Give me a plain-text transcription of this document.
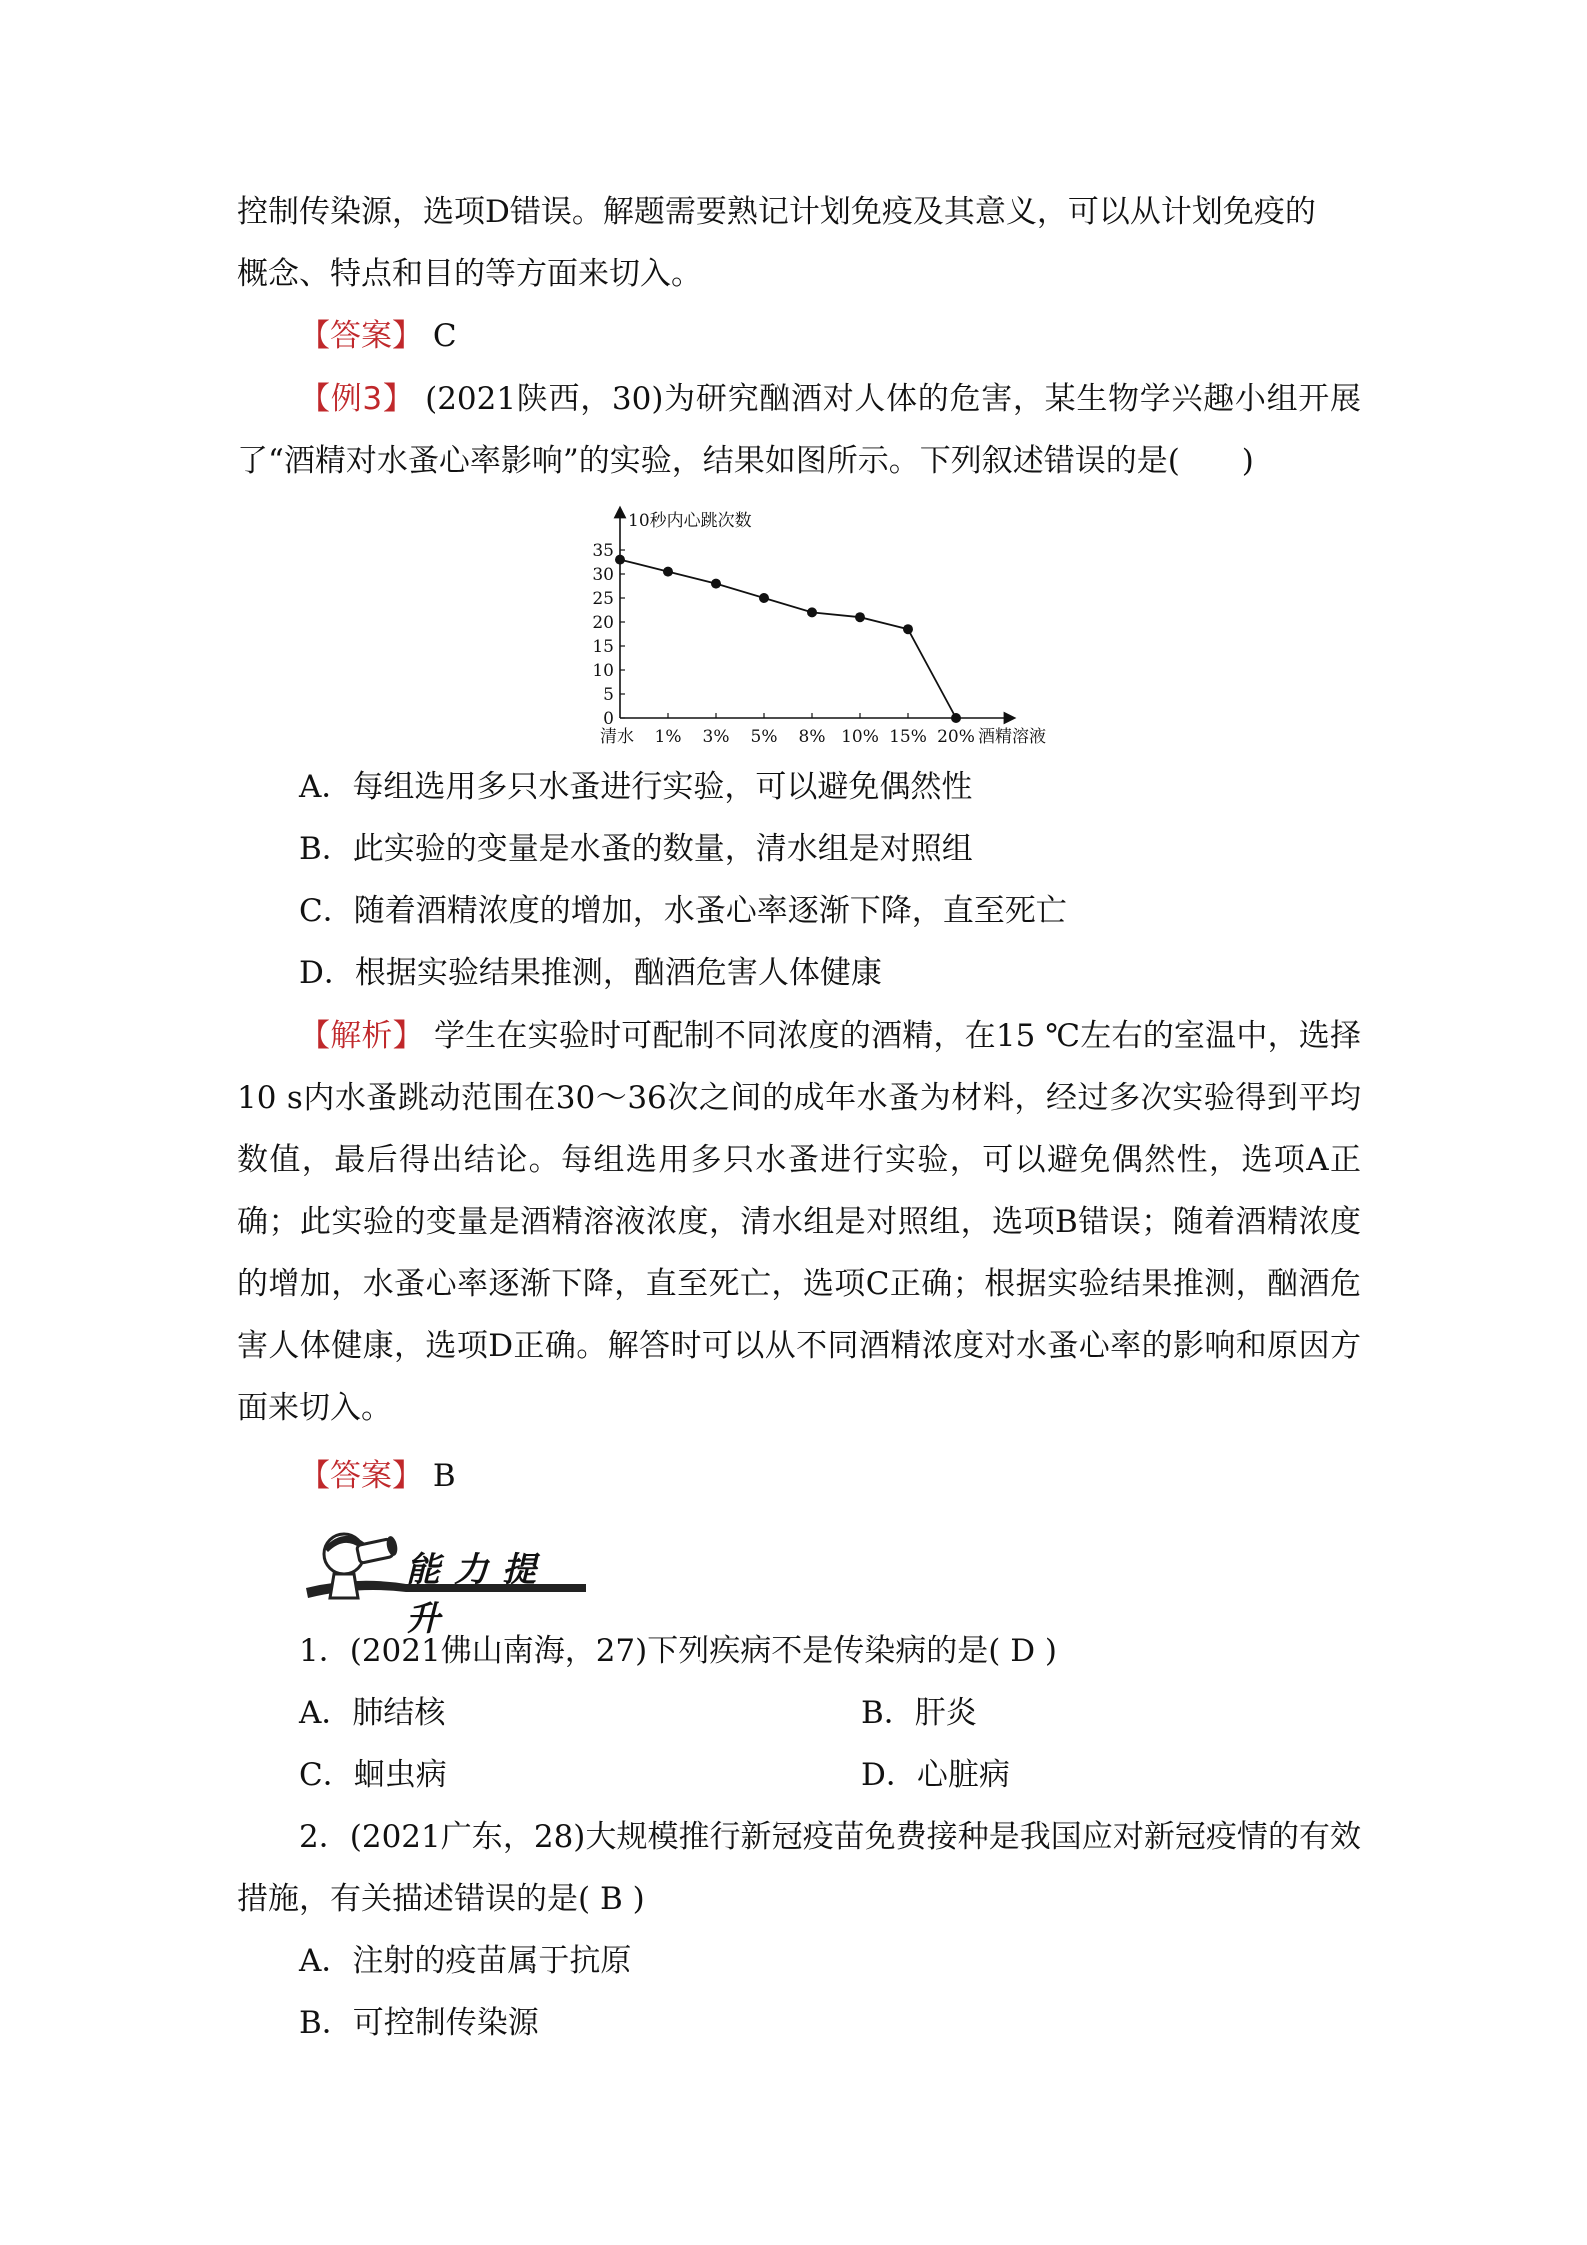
控制传染源，选项D错误。解题需要熟记计划免疫及其意义，可以从计划免疫的
概念、特点和目的等方面来切入。

【答案】 C

【例3】 (2021陕西，30)为研究酗酒对人体的危害，某生物学兴趣小组开展了“酒精对水蚤心率影响”的实验，结果如图所示。下列叙述错误的是(　　)

10秒内心跳次数
0
5
10
15
20
25
30
35
清水 1% 3% 5% 8% 10% 15% 20% 酒精溶液

A．每组选用多只水蚤进行实验，可以避免偶然性

B．此实验的变量是水蚤的数量，清水组是对照组

C．随着酒精浓度的增加，水蚤心率逐渐下降，直至死亡

D．根据实验结果推测，酗酒危害人体健康

【解析】 学生在实验时可配制不同浓度的酒精，在15 ℃左右的室温中，选择10 s内水蚤跳动范围在30～36次之间的成年水蚤为材料，经过多次实验得到平均数值，最后得出结论。每组选用多只水蚤进行实验，可以避免偶然性，选项A正确；此实验的变量是酒精溶液浓度，清水组是对照组，选项B错误；随着酒精浓度的增加，水蚤心率逐渐下降，直至死亡，选项C正确；根据实验结果推测，酗酒危害人体健康，选项D正确。解答时可以从不同酒精浓度对水蚤心率的影响和原因方面来切入。

【答案】 B

能力提升

1．(2021佛山南海，27)下列疾病不是传染病的是( D )

A．肺结核	B．肝炎

C．蛔虫病	D．心脏病

2．(2021广东，28)大规模推行新冠疫苗免费接种是我国应对新冠疫情的有效措施，有关描述错误的是( B )

A．注射的疫苗属于抗原

B．可控制传染源
